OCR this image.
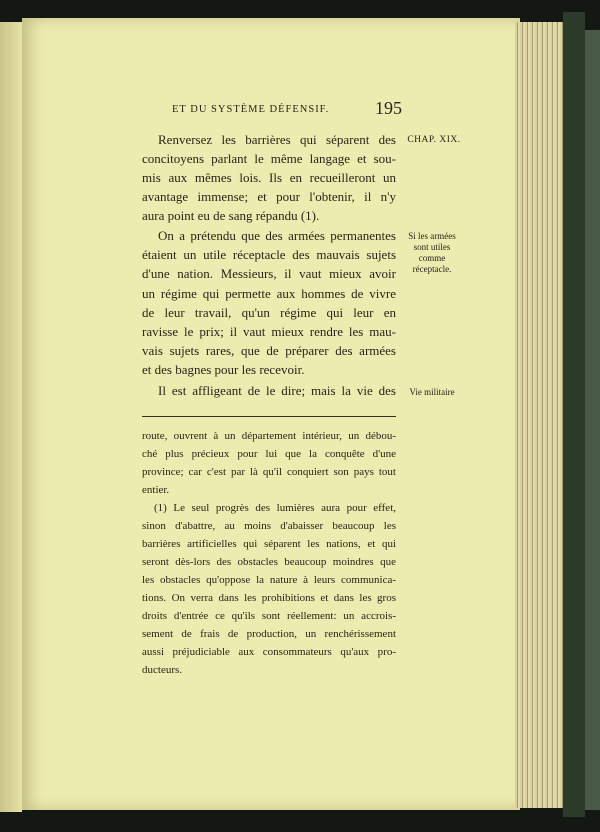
ET DU SYSTÈME DÉFENSIF.	195
CHAP. XIX.
Si les armées sont utiles comme réceptacle.
Vie militaire
Renversez les barrières qui séparent des
concitoyens parlant le même langage et sou-
mis aux mêmes lois. Ils en recueilleront un
avantage immense; et pour l'obtenir, il n'y
aura point eu de sang répandu (1).
On a prétendu que des armées permanentes
étaient un utile réceptacle des mauvais sujets
d'une nation. Messieurs, il vaut mieux avoir
un régime qui permette aux hommes de vivre
de leur travail, qu'un régime qui leur en
ravisse le prix; il vaut mieux rendre les mau-
vais sujets rares, que de préparer des armées
et des bagnes pour les recevoir.
Il est affligeant de le dire; mais la vie des
route, ouvrent à un département intérieur, un débou-
ché plus précieux pour lui que la conquête d'une
province; car c'est par là qu'il conquiert son pays tout
entier.
(1) Le seul progrès des lumières aura pour effet,
sinon d'abattre, au moins d'abaisser beaucoup les
barrières artificielles qui séparent les nations, et qui
seront dès-lors des obstacles beaucoup moindres que
les obstacles qu'oppose la nature à leurs communica-
tions. On verra dans les prohibitions et dans les gros
droits d'entrée ce qu'ils sont réellement: un accrois-
sement de frais de production, un renchérissement
aussi préjudiciable aux consommateurs qu'aux pro-
ducteurs.
